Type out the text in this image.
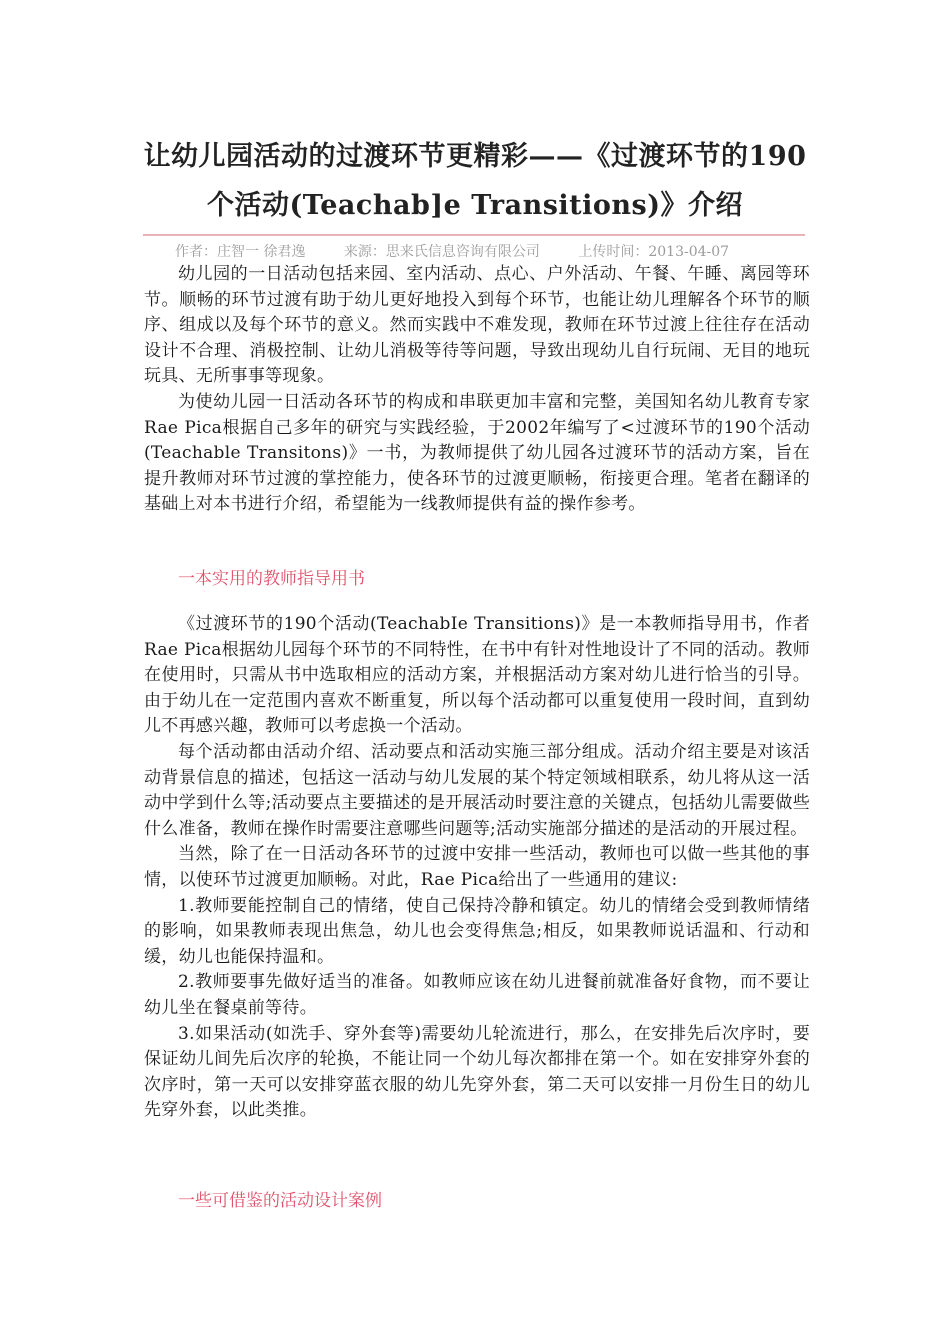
让幼儿园活动的过渡环节更精彩——《过渡环节的190
个活动(Teachab]e Transitions)》介绍
作者：庄智一 徐君逸	来源：思来氏信息咨询有限公司	上传时间：2013-04-07

幼儿园的一日活动包括来园、室内活动、点心、户外活动、午餐、午睡、离园等环节。顺畅的环节过渡有助于幼儿更好地投入到每个环节，也能让幼儿理解各个环节的顺序、组成以及每个环节的意义。然而实践中不难发现，教师在环节过渡上往往存在活动设计不合理、消极控制、让幼儿消极等待等问题，导致出现幼儿自行玩闹、无目的地玩玩具、无所事事等现象。

为使幼儿园一日活动各环节的构成和串联更加丰富和完整，美国知名幼儿教育专家Rae Pica根据自己多年的研究与实践经验，于2002年编写了<过渡环节的190个活动(Teachable Transitons)》一书，为教师提供了幼儿园各过渡环节的活动方案，旨在提升教师对环节过渡的掌控能力，使各环节的过渡更顺畅，衔接更合理。笔者在翻译的基础上对本书进行介绍，希望能为一线教师提供有益的操作参考。

一本实用的教师指导用书

《过渡环节的190个活动(TeachabIe Transitions)》是一本教师指导用书，作者Rae Pica根据幼儿园每个环节的不同特性，在书中有针对性地设计了不同的活动。教师在使用时，只需从书中选取相应的活动方案，并根据活动方案对幼儿进行恰当的引导。由于幼儿在一定范围内喜欢不断重复，所以每个活动都可以重复使用一段时间，直到幼儿不再感兴趣，教师可以考虑换一个活动。

每个活动都由活动介绍、活动要点和活动实施三部分组成。活动介绍主要是对该活动背景信息的描述，包括这一活动与幼儿发展的某个特定领域相联系，幼儿将从这一活动中学到什么等;活动要点主要描述的是开展活动时要注意的关键点，包括幼儿需要做些什么准备，教师在操作时需要注意哪些问题等;活动实施部分描述的是活动的开展过程。

当然，除了在一日活动各环节的过渡中安排一些活动，教师也可以做一些其他的事情，以使环节过渡更加顺畅。对此，Rae Pica给出了一些通用的建议:

1.教师要能控制自己的情绪，使自己保持冷静和镇定。幼儿的情绪会受到教师情绪的影响，如果教师表现出焦急，幼儿也会变得焦急;相反，如果教师说话温和、行动和缓，幼儿也能保持温和。

2.教师要事先做好适当的准备。如教师应该在幼儿进餐前就准备好食物，而不要让幼儿坐在餐桌前等待。

3.如果活动(如洗手、穿外套等)需要幼儿轮流进行，那么，在安排先后次序时，要保证幼儿间先后次序的轮换，不能让同一个幼儿每次都排在第一个。如在安排穿外套的次序时，第一天可以安排穿蓝衣服的幼儿先穿外套，第二天可以安排一月份生日的幼儿先穿外套，以此类推。

一些可借鉴的活动设计案例
